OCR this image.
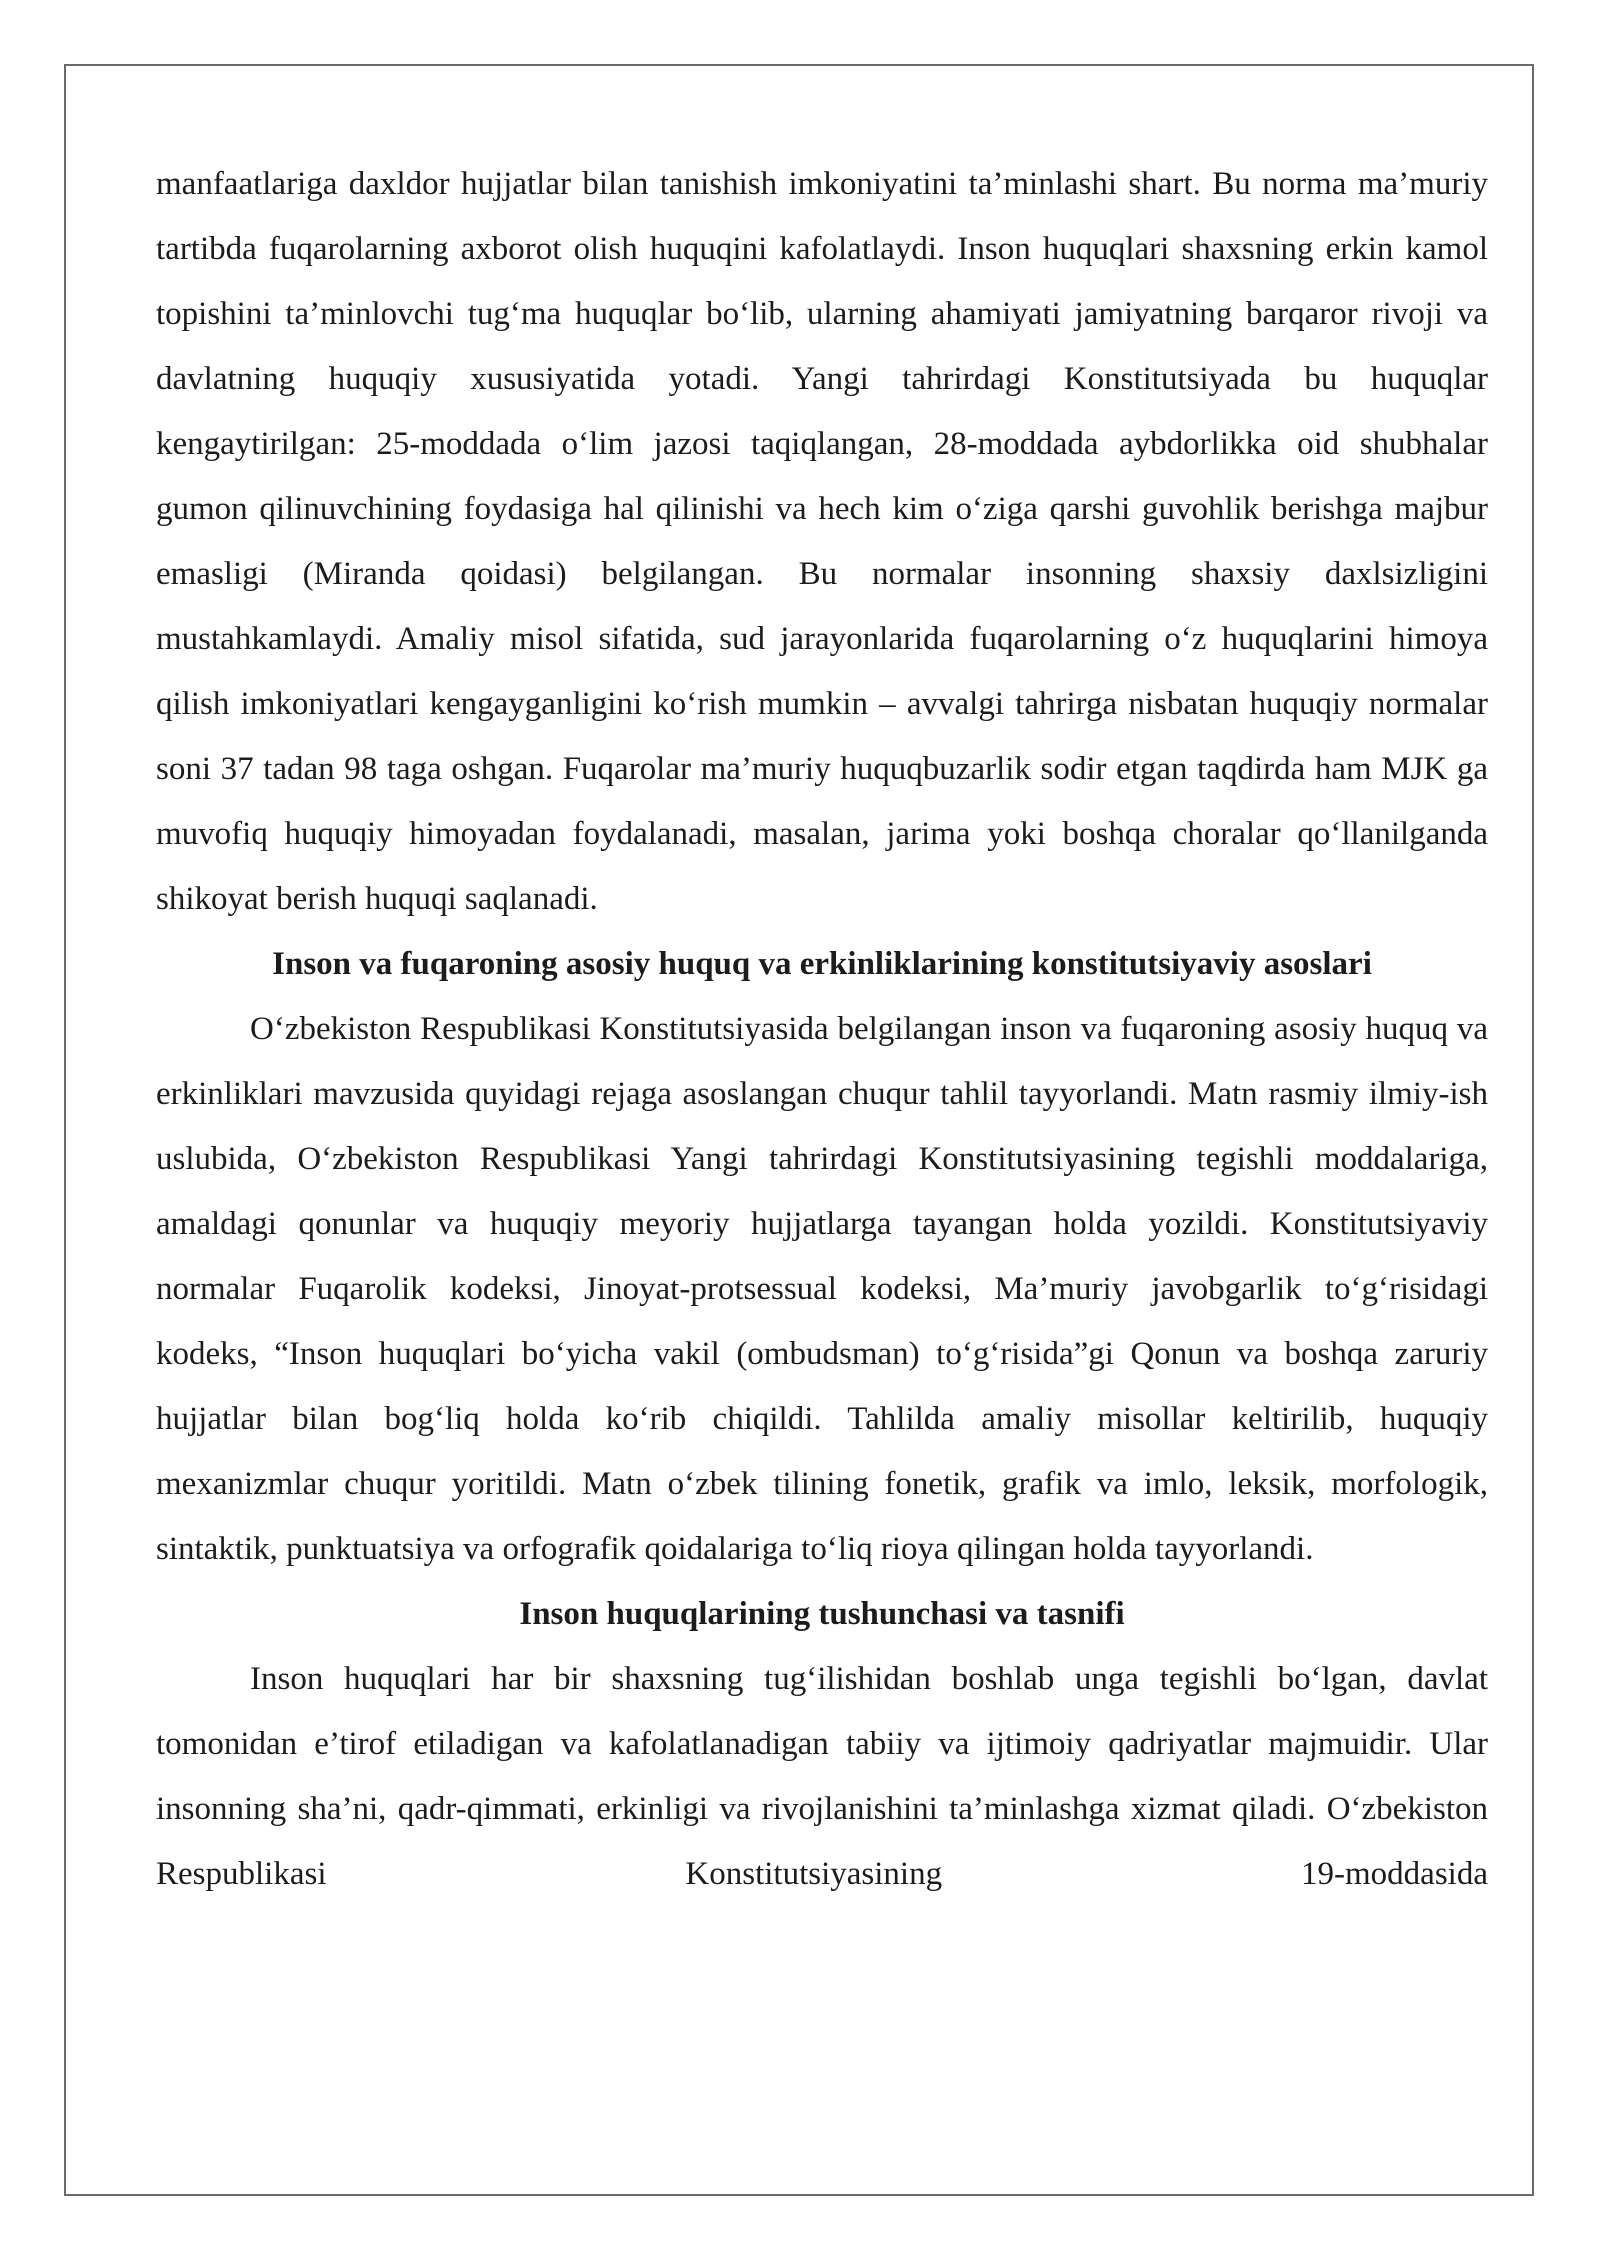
manfaatlariga daxldor hujjatlar bilan tanishish imkoniyatini ta’minlashi shart. Bu norma ma’muriy tartibda fuqarolarning axborot olish huquqini kafolatlaydi. Inson huquqlari shaxsning erkin kamol topishini ta’minlovchi tug‘ma huquqlar bo‘lib, ularning ahamiyati jamiyatning barqaror rivoji va davlatning huquqiy xususiyatida yotadi. Yangi tahrirdagi Konstitutsiyada bu huquqlar kengaytirilgan: 25-moddada o‘lim jazosi taqiqlangan, 28-moddada aybdorlikka oid shubhalar gumon qilinuvchining foydasiga hal qilinishi va hech kim o‘ziga qarshi guvohlik berishga majbur emasligi (Miranda qoidasi) belgilangan. Bu normalar insonning shaxsiy daxlsizligini mustahkamlaydi. Amaliy misol sifatida, sud jarayonlarida fuqarolarning o‘z huquqlarini himoya qilish imkoniyatlari kengayganligini ko‘rish mumkin – avvalgi tahrirga nisbatan huquqiy normalar soni 37 tadan 98 taga oshgan. Fuqarolar ma’muriy huquqbuzarlik sodir etgan taqdirda ham MJK ga muvofiq huquqiy himoyadan foydalanadi, masalan, jarima yoki boshqa choralar qo‘llanilganda shikoyat berish huquqi saqlanadi.

Inson va fuqaroning asosiy huquq va erkinliklarining konstitutsiyaviy asoslari

O‘zbekiston Respublikasi Konstitutsiyasida belgilangan inson va fuqaroning asosiy huquq va erkinliklari mavzusida quyidagi rejaga asoslangan chuqur tahlil tayyorlandi. Matn rasmiy ilmiy-ish uslubida, O‘zbekiston Respublikasi Yangi tahrirdagi Konstitutsiyasining tegishli moddalariga, amaldagi qonunlar va huquqiy meyoriy hujjatlarga tayangan holda yozildi. Konstitutsiyaviy normalar Fuqarolik kodeksi, Jinoyat-protsessual kodeksi, Ma’muriy javobgarlik to‘g‘risidagi kodeks, “Inson huquqlari bo‘yicha vakil (ombudsman) to‘g‘risida”gi Qonun va boshqa zaruriy hujjatlar bilan bog‘liq holda ko‘rib chiqildi. Tahlilda amaliy misollar keltirilib, huquqiy mexanizmlar chuqur yoritildi. Matn o‘zbek tilining fonetik, grafik va imlo, leksik, morfologik, sintaktik, punktuatsiya va orfografik qoidalariga to‘liq rioya qilingan holda tayyorlandi.

Inson huquqlarining tushunchasi va tasnifi

Inson huquqlari har bir shaxsning tug‘ilishidan boshlab unga tegishli bo‘lgan, davlat tomonidan e’tirof etiladigan va kafolatlanadigan tabiiy va ijtimoiy qadriyatlar majmuidir. Ular insonning sha’ni, qadr-qimmati, erkinligi va rivojlanishini ta’minlashga xizmat qiladi. O‘zbekiston Respublikasi Konstitutsiyasining 19-moddasida
